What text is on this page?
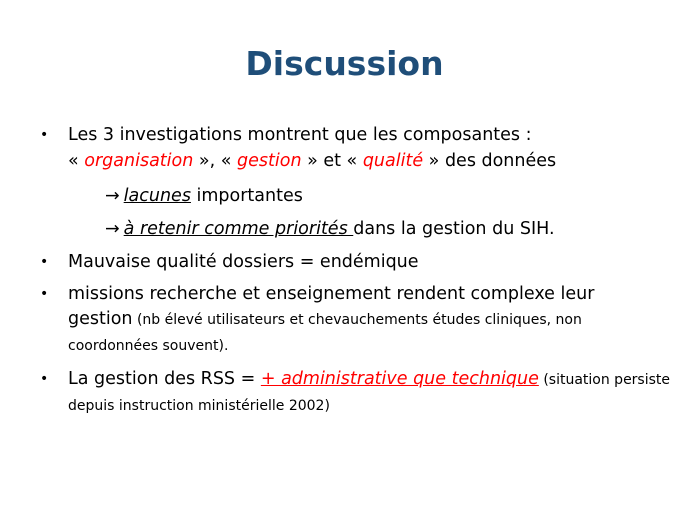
Discussion
• Les 3 investigations montrent que les composantes :
« organisation », « gestion » et « qualité » des données
→ lacunes importantes
→ à retenir comme priorités dans la gestion du SIH.
• Mauvaise qualité dossiers = endémique
• missions recherche et enseignement rendent complexe leur
gestion (nb élevé utilisateurs et chevauchements études cliniques, non coordonnées souvent).
• La gestion des RSS = + administrative que technique (situation persiste depuis instruction ministérielle 2002)
